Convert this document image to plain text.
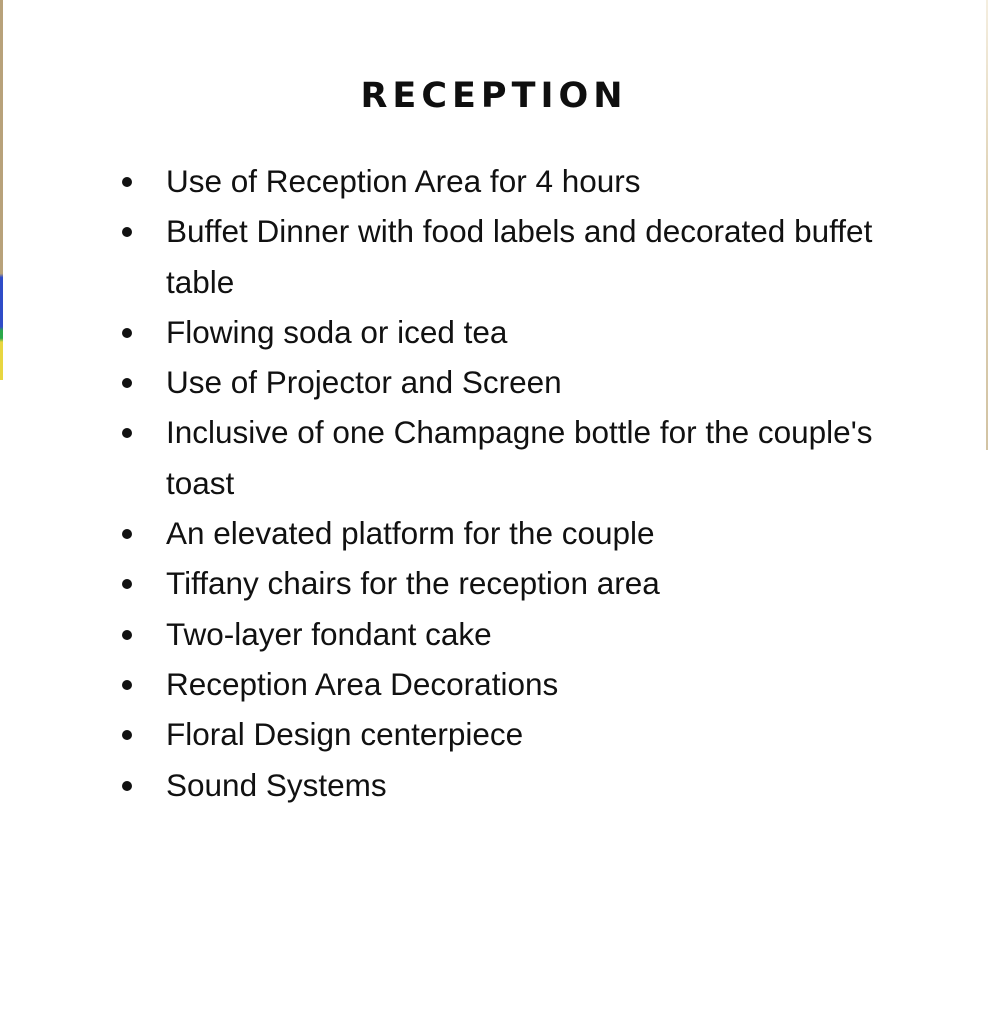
RECEPTION
Use of Reception Area for 4 hours
Buffet Dinner with food labels and decorated buffet table
Flowing soda or iced tea
Use of Projector and Screen
Inclusive of one Champagne bottle for the couple's toast
An elevated platform for the couple
Tiffany chairs for the reception area
Two-layer fondant cake
Reception Area Decorations
Floral Design centerpiece
Sound Systems
